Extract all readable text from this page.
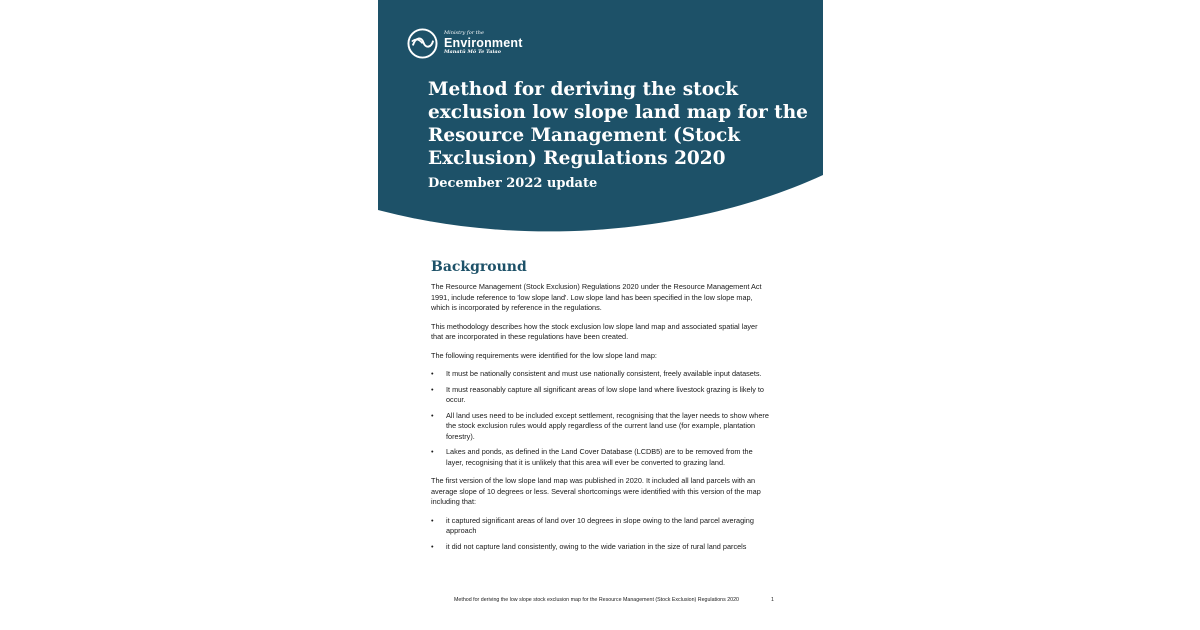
Ministry for the
Environment
Manatū Mō Te Taiao
Method for deriving the stock exclusion low slope land map for the Resource Management (Stock Exclusion) Regulations 2020
December 2022 update
Background

The Resource Management (Stock Exclusion) Regulations 2020 under the Resource Management Act 1991, include reference to 'low slope land'. Low slope land has been specified in the low slope map, which is incorporated by reference in the regulations.

This methodology describes how the stock exclusion low slope land map and associated spatial layer that are incorporated in these regulations have been created.

The following requirements were identified for the low slope land map:

• It must be nationally consistent and must use nationally consistent, freely available input datasets.
• It must reasonably capture all significant areas of low slope land where livestock grazing is likely to occur.
• All land uses need to be included except settlement, recognising that the layer needs to show where the stock exclusion rules would apply regardless of the current land use (for example, plantation forestry).
• Lakes and ponds, as defined in the Land Cover Database (LCDB5) are to be removed from the layer, recognising that it is unlikely that this area will ever be converted to grazing land.

The first version of the low slope land map was published in 2020. It included all land parcels with an average slope of 10 degrees or less. Several shortcomings were identified with this version of the map including that:

• it captured significant areas of land over 10 degrees in slope owing to the land parcel averaging approach
• it did not capture land consistently, owing to the wide variation in the size of rural land parcels
Method for deriving the low slope stock exclusion map for the Resource Management (Stock Exclusion) Regulations 2020	1
